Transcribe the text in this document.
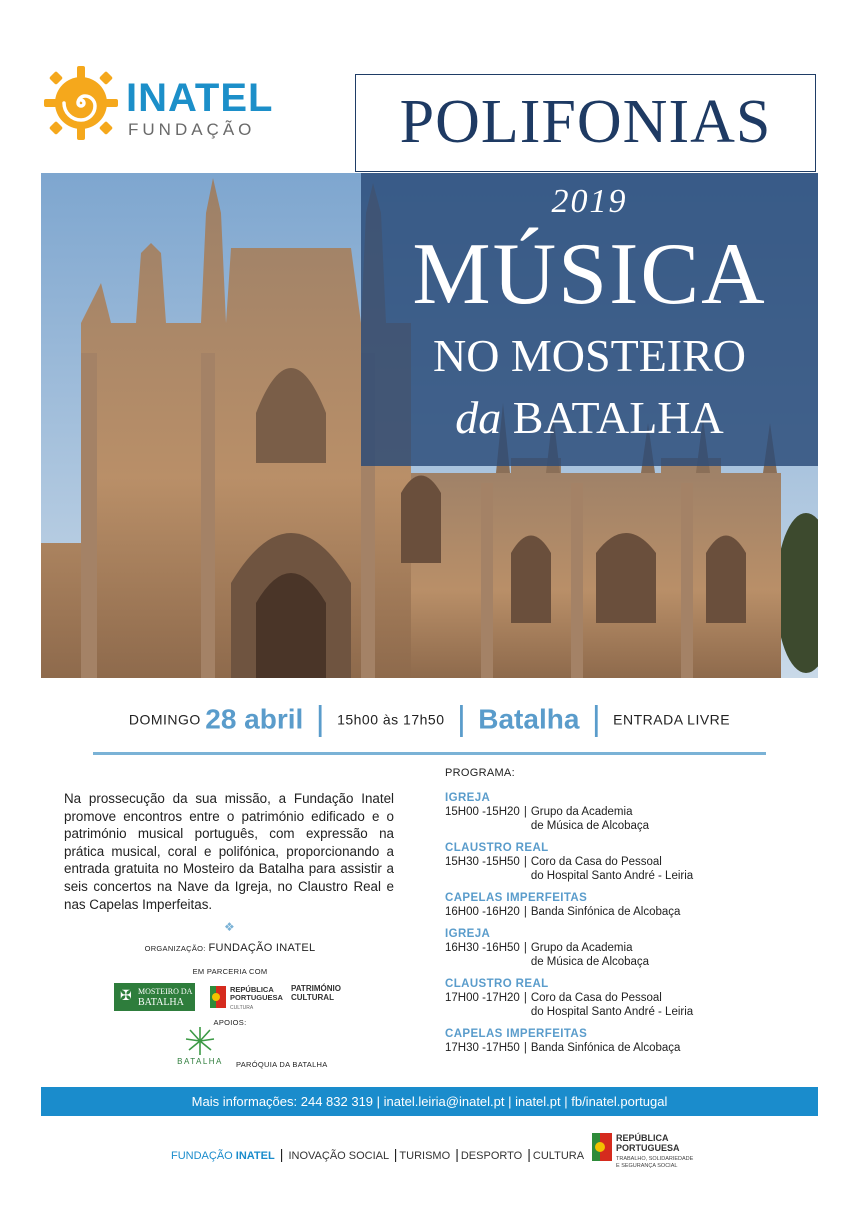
INATEL
FUNDAÇÃO	POLIFONIAS
2019
MÚSICA
NO MOSTEIRO
da BATALHA
DOMINGO 28 abril | 15h00 às 17h50 | Batalha | ENTRADA LIVRE
Na prossecução da sua missão, a Fundação Inatel promove encontros entre o património edificado e o património musical português, com expressão na prática musical, coral e polifónica, proporcionando a entrada gratuita no Mosteiro da Batalha para assistir a seis concertos na Nave da Igreja, no Claustro Real e nas Capelas Imperfeitas.
❖
ORGANIZAÇÃO: FUNDAÇÃO INATEL
EM PARCERIA COM
✠ MOSTEIRO DA
BATALHA
REPÚBLICA
PORTUGUESA
CULTURA
PATRIMÓNIO
CULTURAL
APOIOS:
BATALHA	PARÓQUIA DA BATALHA
PROGRAMA:
IGREJA
15H00 -15H20 | Grupo da Academia
de Música de Alcobaça
CLAUSTRO REAL
15H30 -15H50 | Coro da Casa do Pessoal
do Hospital Santo André - Leiria
CAPELAS IMPERFEITAS
16H00 -16H20 | Banda Sinfónica de Alcobaça
IGREJA
16H30 -16H50 | Grupo da Academia
de Música de Alcobaça
CLAUSTRO REAL
17H00 -17H20 | Coro da Casa do Pessoal
do Hospital Santo André - Leiria
CAPELAS IMPERFEITAS
17H30 -17H50 | Banda Sinfónica de Alcobaça
Mais informações: 244 832 319 | inatel.leiria@inatel.pt | inatel.pt | fb/inatel.portugal
FUNDAÇÃO INATEL | INOVAÇÃO SOCIAL | TURISMO | DESPORTO | CULTURA
REPÚBLICA
PORTUGUESA
TRABALHO, SOLIDARIEDADE
E SEGURANÇA SOCIAL
